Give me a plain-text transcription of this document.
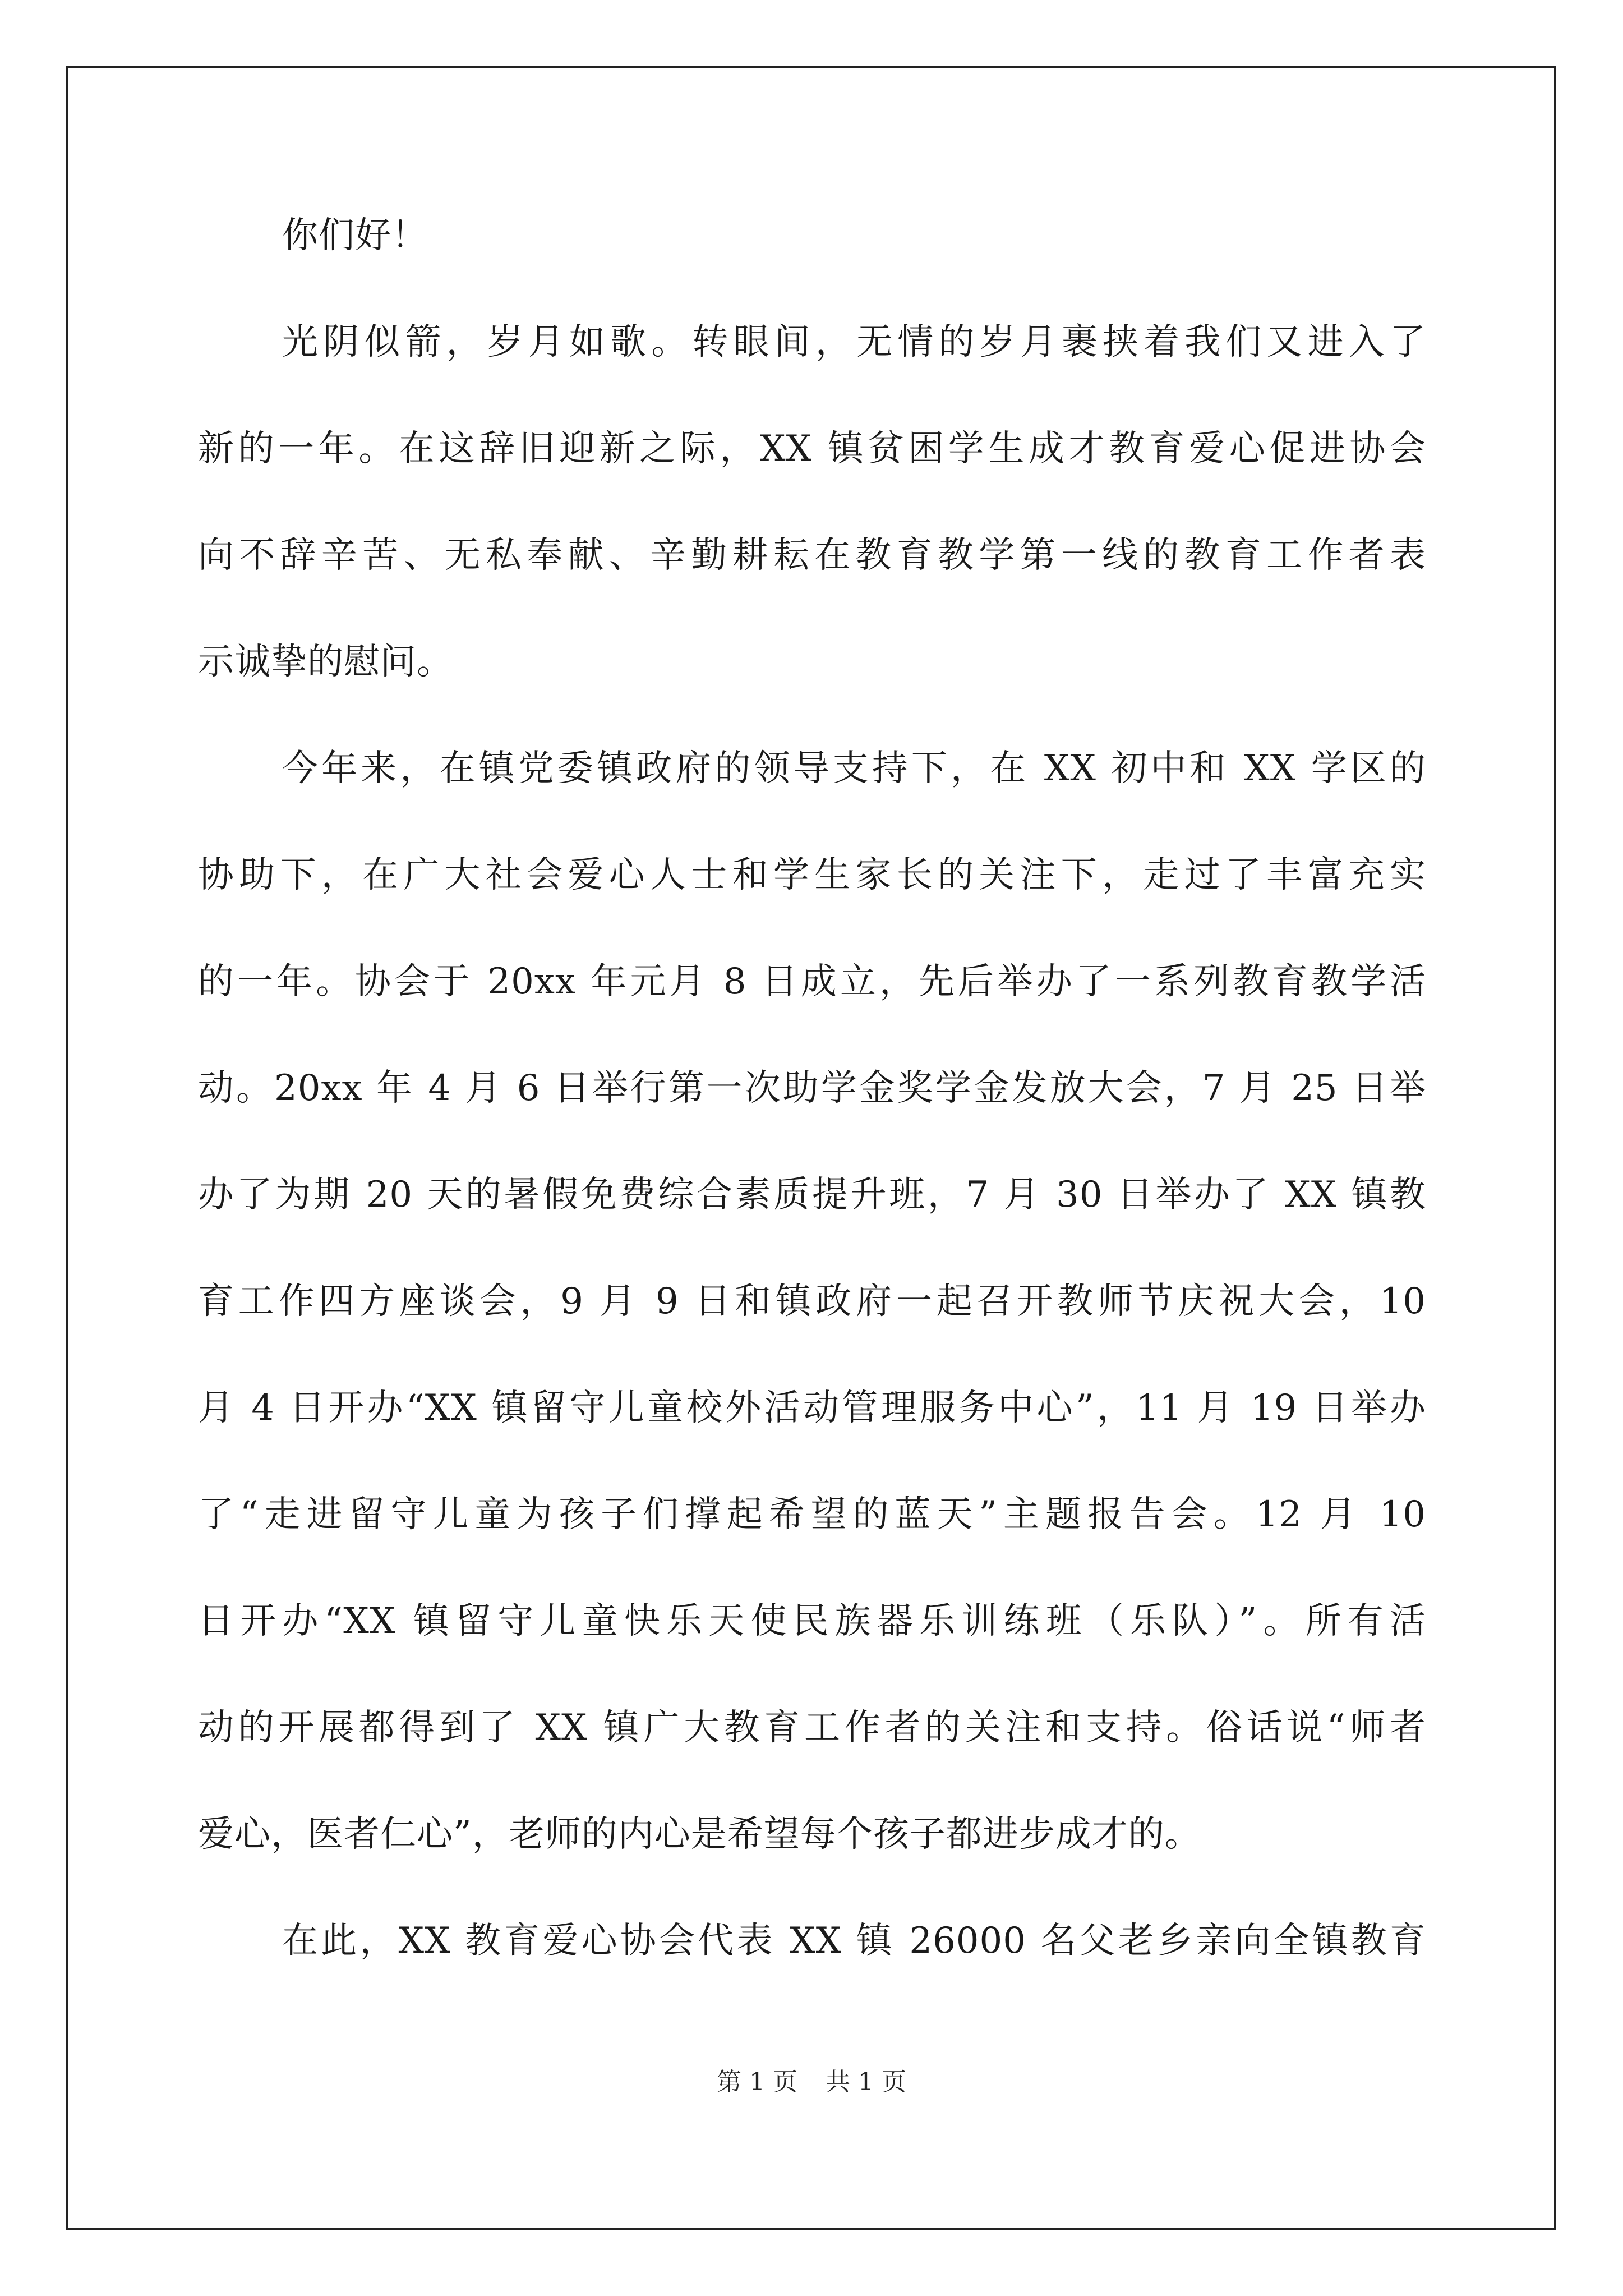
你们好！
光阴似箭，岁月如歌。转眼间，无情的岁月裹挟着我们又进入了
新的一年。在这辞旧迎新之际，XX 镇贫困学生成才教育爱心促进协会
向不辞辛苦、无私奉献、辛勤耕耘在教育教学第一线的教育工作者表
示诚挚的慰问。
今年来，在镇党委镇政府的领导支持下，在 XX 初中和 XX 学区的
协助下，在广大社会爱心人士和学生家长的关注下，走过了丰富充实
的一年。协会于 20xx 年元月 8 日成立，先后举办了一系列教育教学活
动。20xx 年 4 月 6 日举行第一次助学金奖学金发放大会，7 月 25 日举
办了为期 20 天的暑假免费综合素质提升班，7 月 30 日举办了 XX 镇教
育工作四方座谈会，9 月 9 日和镇政府一起召开教师节庆祝大会，10
月 4 日开办“XX 镇留守儿童校外活动管理服务中心”，11 月 19 日举办
了“走进留守儿童为孩子们撑起希望的蓝天”主题报告会。12 月 10
日开办“XX 镇留守儿童快乐天使民族器乐训练班（乐队）”。所有活
动的开展都得到了 XX 镇广大教育工作者的关注和支持。俗话说“师者
爱心，医者仁心”，老师的内心是希望每个孩子都进步成才的。
在此，XX 教育爱心协会代表 XX 镇 26000 名父老乡亲向全镇教育
第 1 页 共 1 页
